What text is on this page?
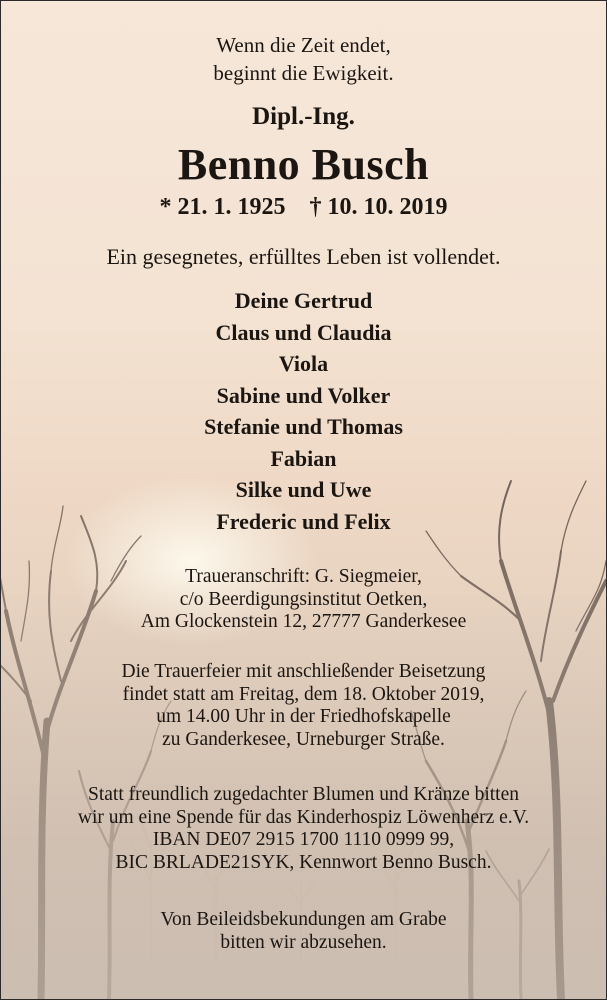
Wenn die Zeit endet,
beginnt die Ewigkeit.
Dipl.-Ing.
Benno Busch
* 21. 1. 1925 † 10. 10. 2019
Ein gesegnetes, erfülltes Leben ist vollendet.
Deine Gertrud
Claus und Claudia
Viola
Sabine und Volker
Stefanie und Thomas
Fabian
Silke und Uwe
Frederic und Felix
Traueranschrift: G. Siegmeier,
c/o Beerdigungsinstitut Oetken,
Am Glockenstein 12, 27777 Ganderkesee
Die Trauerfeier mit anschließender Beisetzung
findet statt am Freitag, dem 18. Oktober 2019,
um 14.00 Uhr in der Friedhofskapelle
zu Ganderkesee, Urneburger Straße.
Statt freundlich zugedachter Blumen und Kränze bitten
wir um eine Spende für das Kinderhospiz Löwenherz e.V.
IBAN DE07 2915 1700 1110 0999 99,
BIC BRLADE21SYK, Kennwort Benno Busch.
Von Beileidsbekundungen am Grabe
bitten wir abzusehen.
